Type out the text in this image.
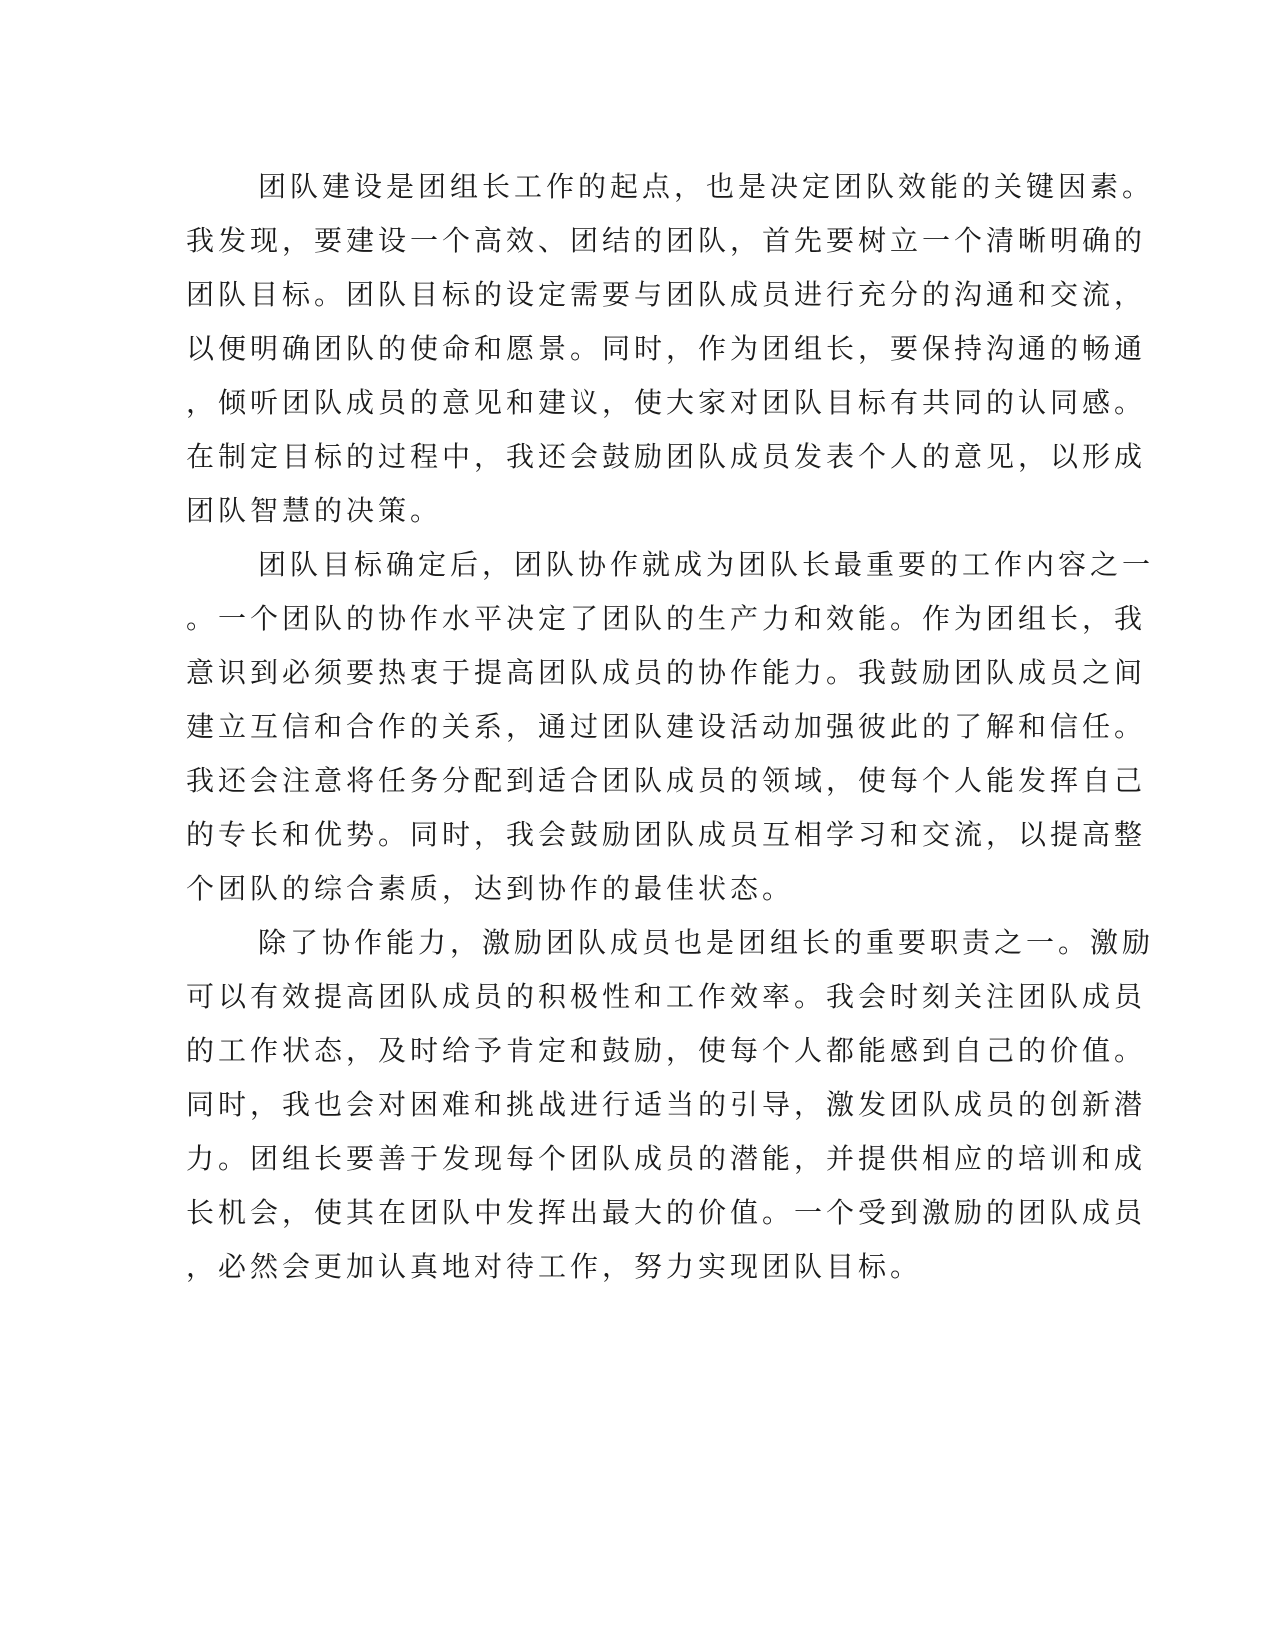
团队建设是团组长工作的起点，也是决定团队效能的关键因素。
我发现，要建设一个高效、团结的团队，首先要树立一个清晰明确的
团队目标。团队目标的设定需要与团队成员进行充分的沟通和交流，
以便明确团队的使命和愿景。同时，作为团组长，要保持沟通的畅通
，倾听团队成员的意见和建议，使大家对团队目标有共同的认同感。
在制定目标的过程中，我还会鼓励团队成员发表个人的意见，以形成
团队智慧的决策。
团队目标确定后，团队协作就成为团队长最重要的工作内容之一
。一个团队的协作水平决定了团队的生产力和效能。作为团组长，我
意识到必须要热衷于提高团队成员的协作能力。我鼓励团队成员之间
建立互信和合作的关系，通过团队建设活动加强彼此的了解和信任。
我还会注意将任务分配到适合团队成员的领域，使每个人能发挥自己
的专长和优势。同时，我会鼓励团队成员互相学习和交流，以提高整
个团队的综合素质，达到协作的最佳状态。
除了协作能力，激励团队成员也是团组长的重要职责之一。激励
可以有效提高团队成员的积极性和工作效率。我会时刻关注团队成员
的工作状态，及时给予肯定和鼓励，使每个人都能感到自己的价值。
同时，我也会对困难和挑战进行适当的引导，激发团队成员的创新潜
力。团组长要善于发现每个团队成员的潜能，并提供相应的培训和成
长机会，使其在团队中发挥出最大的价值。一个受到激励的团队成员
，必然会更加认真地对待工作，努力实现团队目标。
